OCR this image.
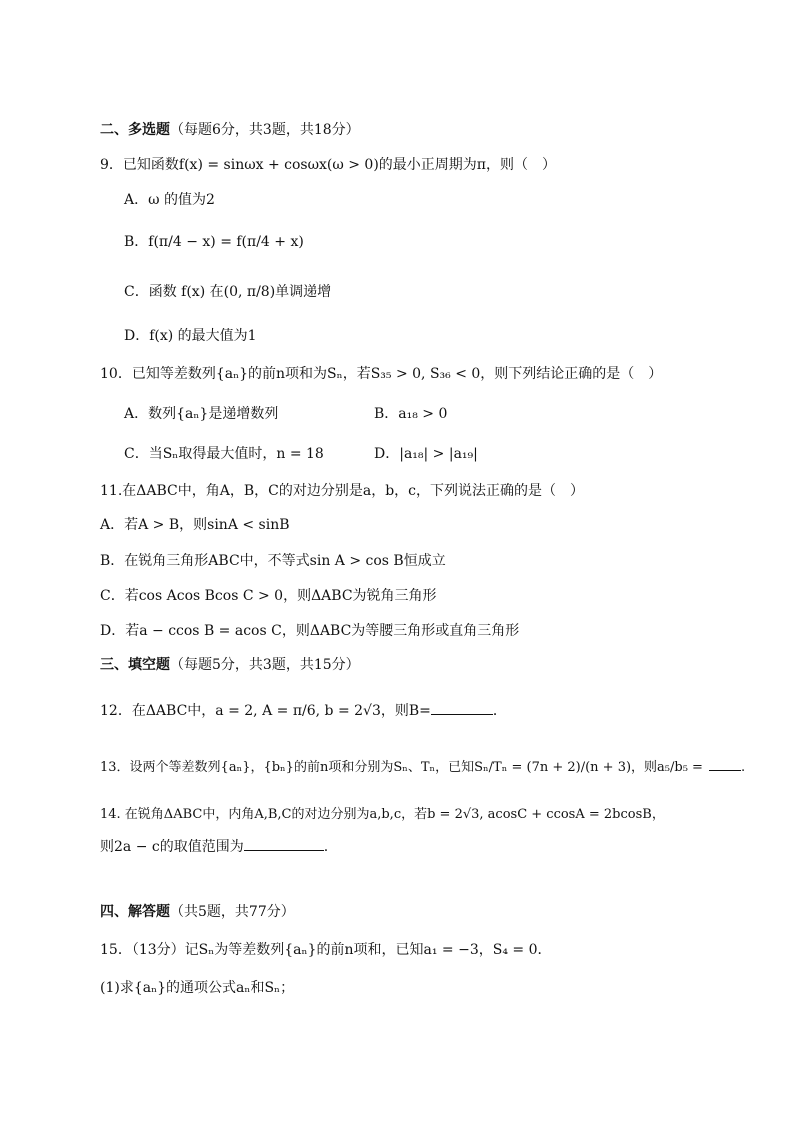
二、多选题（每题6分，共3题，共18分）
9．已知函数f(x) = sinωx + cosωx(ω > 0)的最小正周期为π，则（　）
A．ω 的值为2
B．f(π/4 − x) = f(π/4 + x)
C．函数 f(x) 在(0, π/8)单调递增
D．f(x) 的最大值为1
10．已知等差数列{aₙ}的前n项和为Sₙ，若S₃₅ > 0, S₃₆ < 0，则下列结论正确的是（　）
A．数列{aₙ}是递增数列	B．a₁₈ > 0
C．当Sₙ取得最大值时，n = 18	D．|a₁₈| > |a₁₉|
11.在ΔABC中，角A，B，C的对边分别是a，b，c，下列说法正确的是（　）
A．若A > B，则sinA < sinB
B．在锐角三角形ABC中，不等式sin A > cos B恒成立
C．若cos Acos Bcos C > 0，则ΔABC为锐角三角形
D．若a − ccos B = acos C，则ΔABC为等腰三角形或直角三角形
三、填空题（每题5分，共3题，共15分）
12．在ΔABC中，a = 2, A = π/6, b = 2√3，则B=	．
13．设两个等差数列{aₙ}，{bₙ}的前n项和分别为Sₙ、Tₙ，已知Sₙ/Tₙ = (7n + 2)/(n + 3)，则a₅/b₅ =	.
14. 在锐角ΔABC中，内角A,B,C的对边分别为a,b,c，若b = 2√3, acosC + ccosA = 2bcosB，
则2a − c的取值范围为	.
四、解答题（共5题，共77分）
15．（13分）记Sₙ为等差数列{aₙ}的前n项和，已知a₁ = −3，S₄ = 0．
(1)求{aₙ}的通项公式aₙ和Sₙ；
